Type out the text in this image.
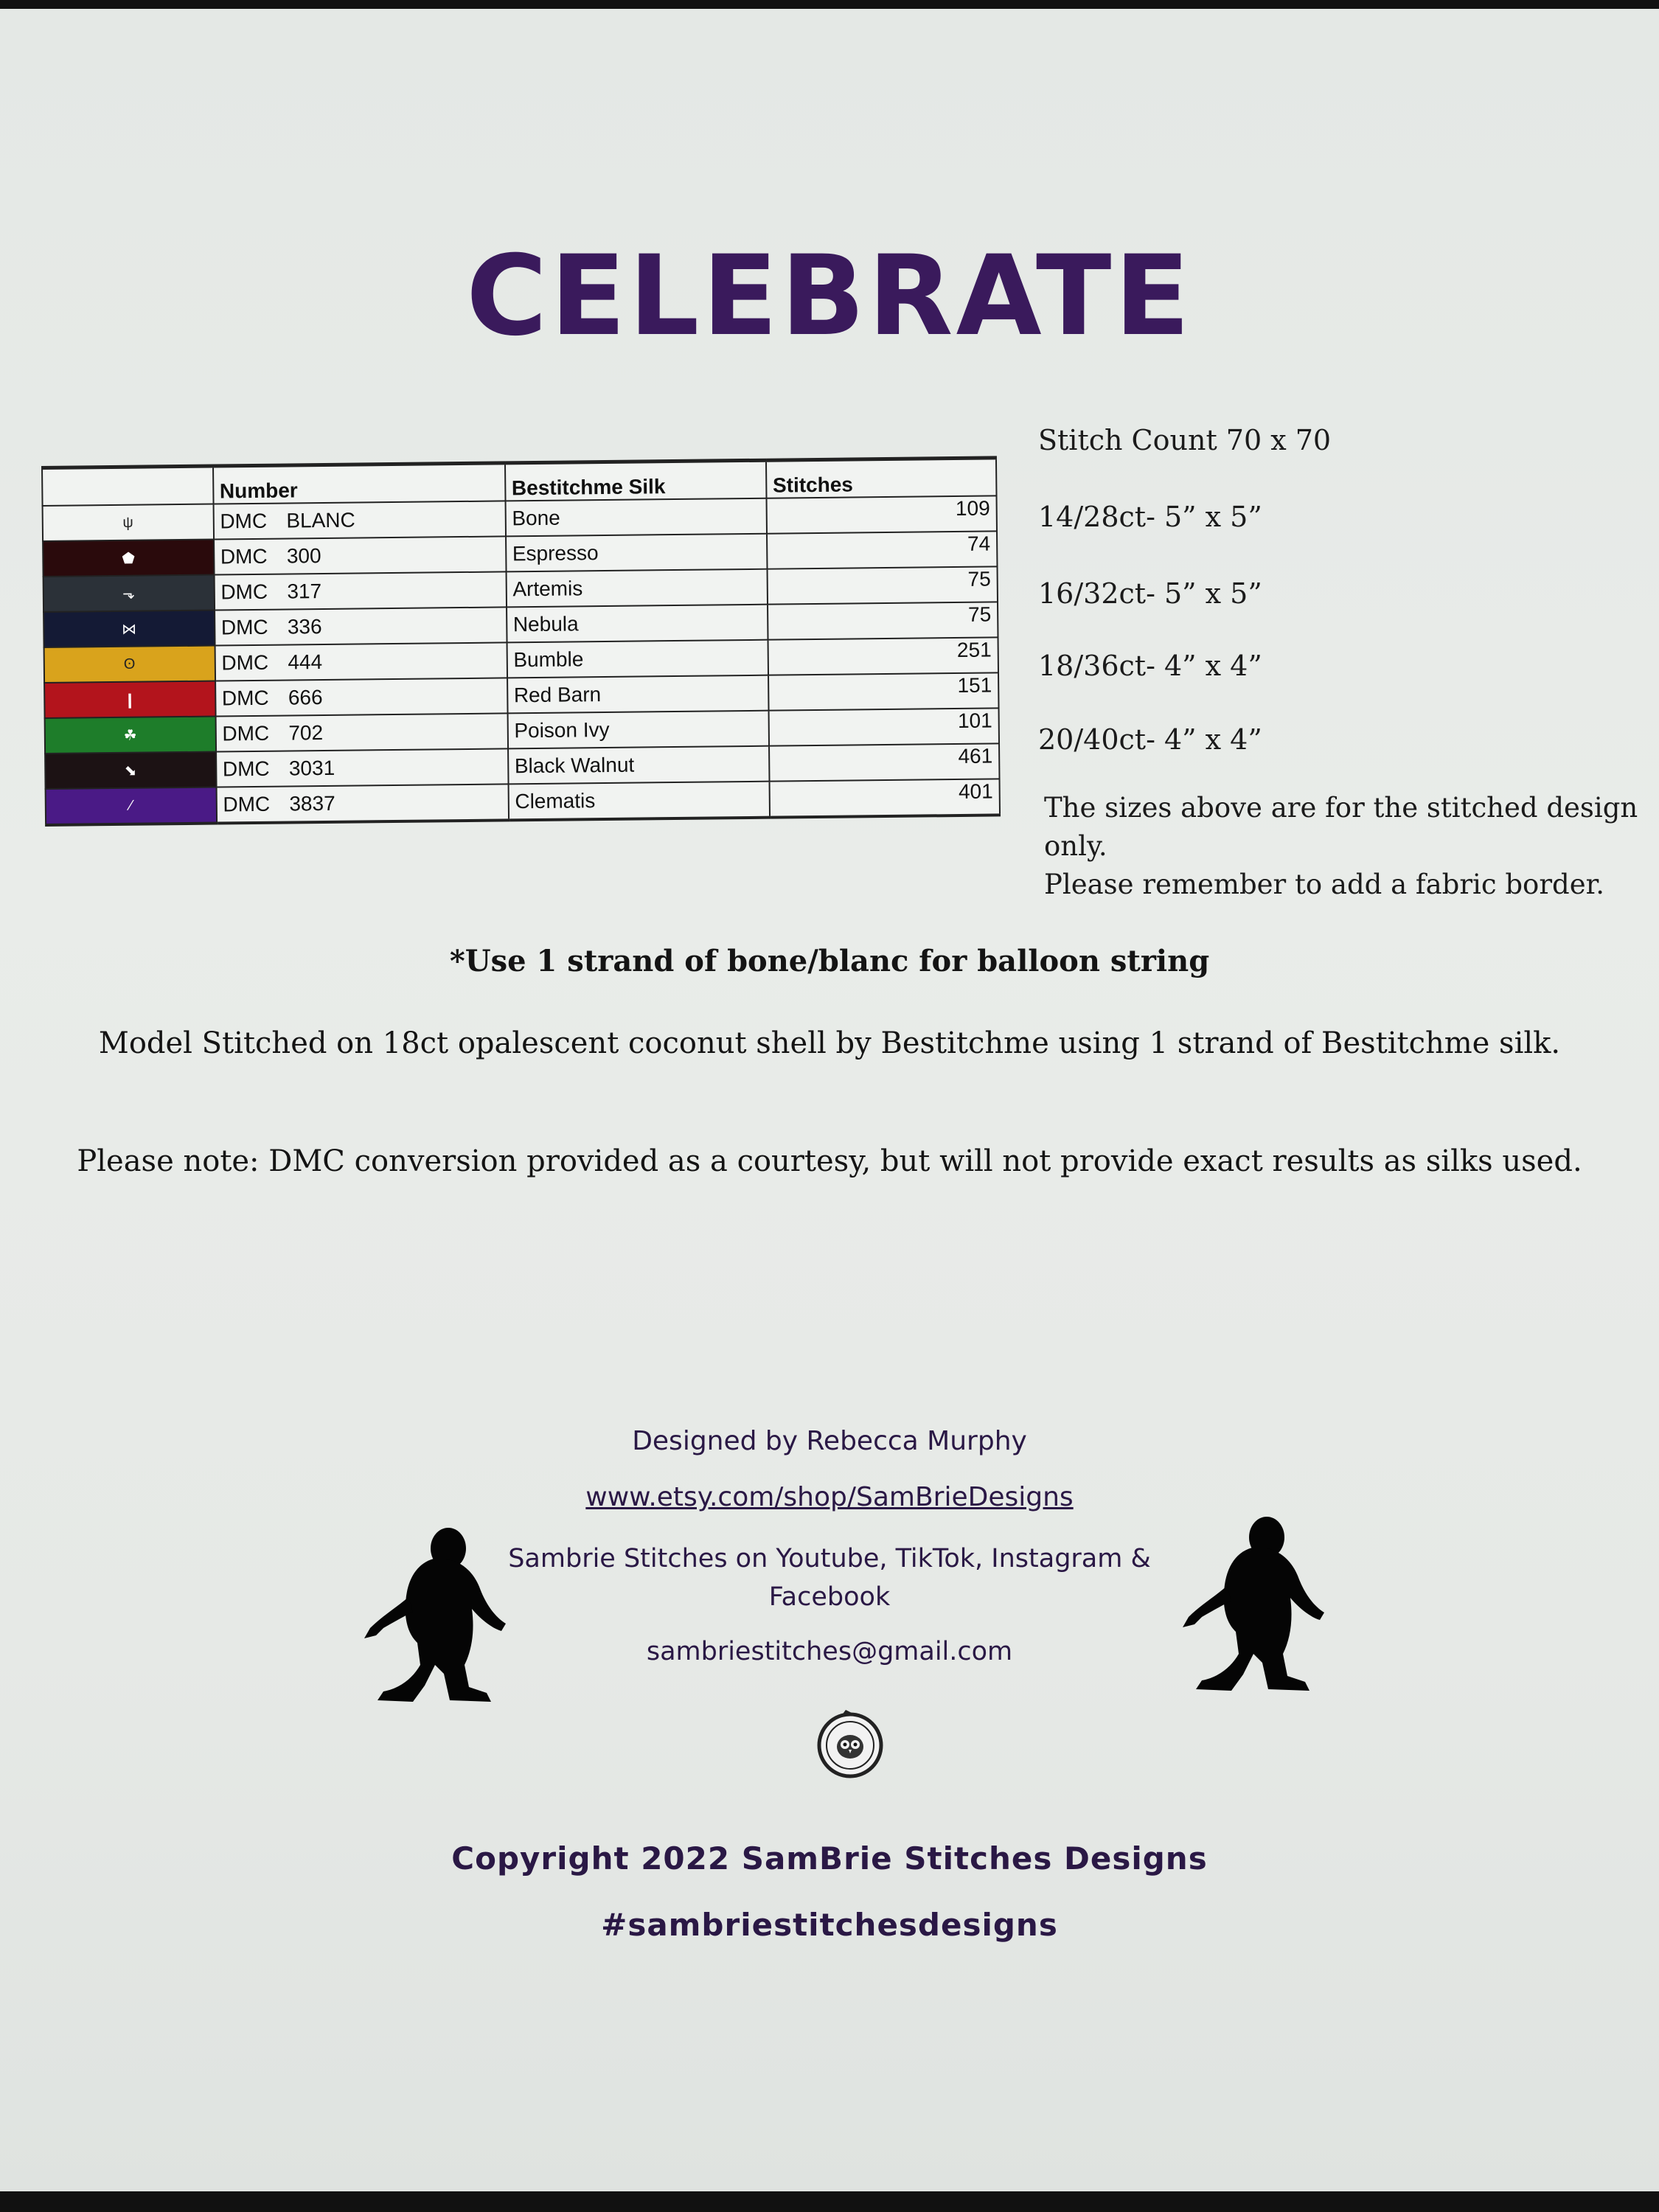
CELEBRATE
	Number	Bestitchme Silk	Stitches
ψ	DMC BLANC	Bone	109
⬟	DMC 300	Espresso	74
⬎	DMC 317	Artemis	75
⋈	DMC 336	Nebula	75
ʘ	DMC 444	Bumble	251
❙	DMC 666	Red Barn	151
☘	DMC 702	Poison Ivy	101
⬊	DMC 3031	Black Walnut	461
⁄	DMC 3837	Clematis	401
Stitch Count 70 x 70
14/28ct- 5” x 5”
16/32ct- 5” x 5”
18/36ct- 4” x 4”
20/40ct- 4” x 4”
The sizes above are for the stitched design only.
Please remember to add a fabric border.
*Use 1 strand of bone/blanc for balloon string
Model Stitched on 18ct opalescent coconut shell by Bestitchme using 1 strand of Bestitchme silk.
Please note: DMC conversion provided as a courtesy, but will not provide exact results as silks used.
Designed by Rebecca Murphy
www.etsy.com/shop/SamBrieDesigns
Sambrie Stitches on Youtube, TikTok, Instagram & Facebook
sambriestitches@gmail.com
Copyright 2022 SamBrie Stitches Designs
#sambriestitchesdesigns
